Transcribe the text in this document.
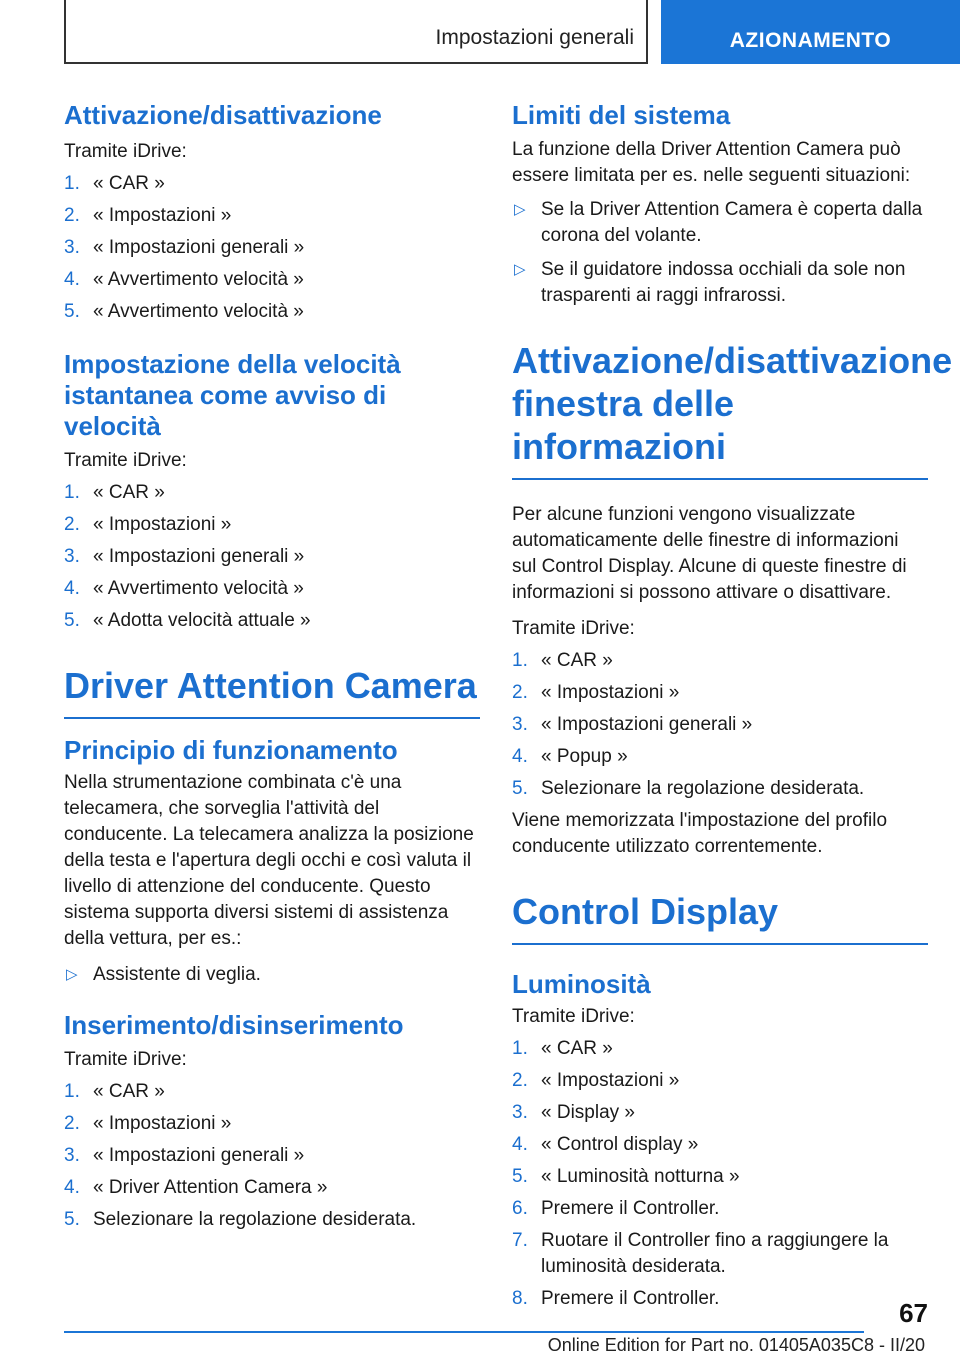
Impostazioni generali	AZIONAMENTO
Attivazione/disattivazione

Tramite iDrive:

1. « CAR »
2. « Impostazioni »
3. « Impostazioni generali »
4. « Avvertimento velocità »
5. « Avvertimento velocità »
Impostazione della velocità
istantanea come avviso di
velocità

Tramite iDrive:

1. « CAR »
2. « Impostazioni »
3. « Impostazioni generali »
4. « Avvertimento velocità »
5. « Adotta velocità attuale »
Driver Attention Camera
Principio di funzionamento

Nella strumentazione combinata c'è una telecamera, che sorveglia l'attività del conducente. La telecamera analizza la posizione della testa e l'apertura degli occhi e così valuta il livello di attenzione del conducente. Questo sistema supporta diversi sistemi di assistenza della vettura, per es.:

▷ Assistente di veglia.
Inserimento/disinserimento

Tramite iDrive:

1. « CAR »
2. « Impostazioni »
3. « Impostazioni generali »
4. « Driver Attention Camera »
5. Selezionare la regolazione desiderata.
Limiti del sistema

La funzione della Driver Attention Camera può essere limitata per es. nelle seguenti situazioni:

▷ Se la Driver Attention Camera è coperta dalla corona del volante.
▷ Se il guidatore indossa occhiali da sole non trasparenti ai raggi infrarossi.
Attivazione/disattivazione
finestra delle informazioni

Per alcune funzioni vengono visualizzate automaticamente delle finestre di informazioni sul Control Display. Alcune di queste finestre di informazioni si possono attivare o disattivare.

Tramite iDrive:

1. « CAR »
2. « Impostazioni »
3. « Impostazioni generali »
4. « Popup »
5. Selezionare la regolazione desiderata.

Viene memorizzata l'impostazione del profilo conducente utilizzato correntemente.

Control Display
Luminosità

Tramite iDrive:

1. « CAR »
2. « Impostazioni »
3. « Display »
4. « Control display »
5. « Luminosità notturna »
6. Premere il Controller.
7. Ruotare il Controller fino a raggiungere la luminosità desiderata.
8. Premere il Controller.	67
Online Edition for Part no. 01405A035C8 - II/20
